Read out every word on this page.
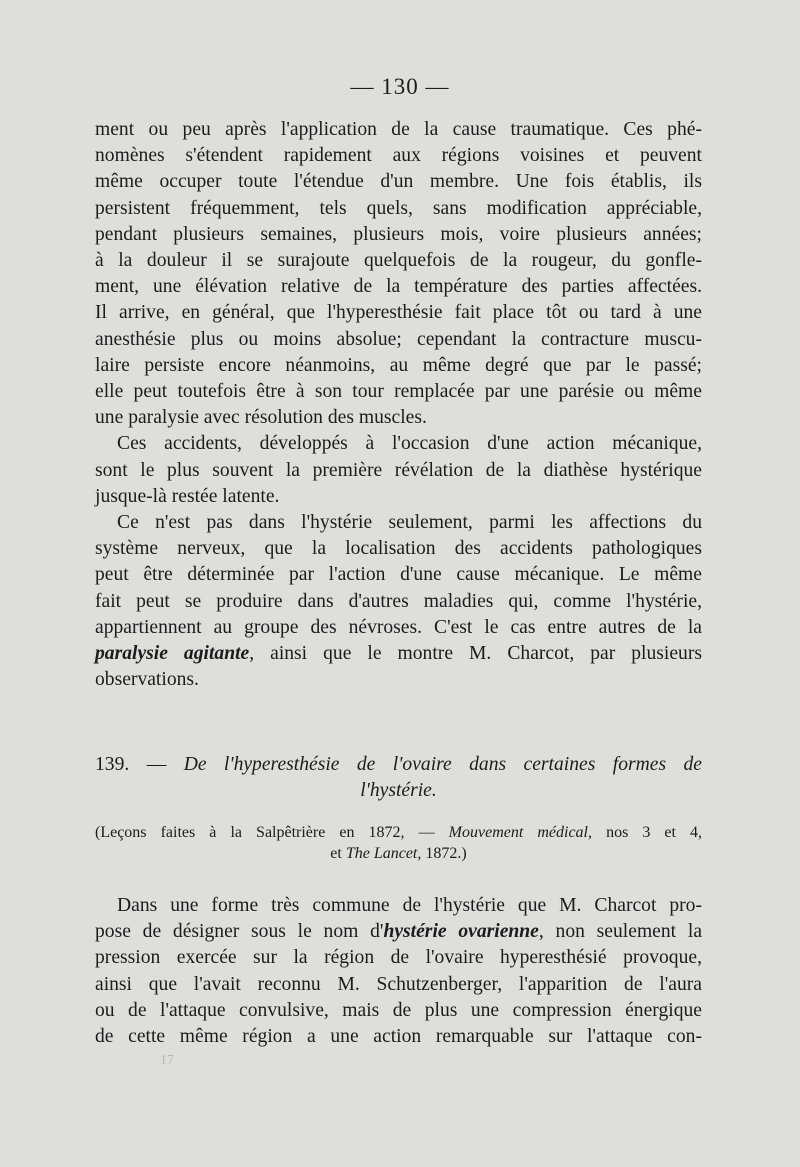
— 130 —

ment ou peu après l'application de la cause traumatique. Ces phé-

nomènes s'étendent rapidement aux régions voisines et peuvent

même occuper toute l'étendue d'un membre. Une fois établis, ils

persistent fréquemment, tels quels, sans modification appréciable,

pendant plusieurs semaines, plusieurs mois, voire plusieurs années;

à la douleur il se surajoute quelquefois de la rougeur, du gonfle-

ment, une élévation relative de la température des parties affectées.

Il arrive, en général, que l'hyperesthésie fait place tôt ou tard à une

anesthésie plus ou moins absolue; cependant la contracture muscu-

laire persiste encore néanmoins, au même degré que par le passé;

elle peut toutefois être à son tour remplacée par une parésie ou même

une paralysie avec résolution des muscles.

Ces accidents, développés à l'occasion d'une action mécanique,

sont le plus souvent la première révélation de la diathèse hystérique

jusque-là restée latente.

Ce n'est pas dans l'hystérie seulement, parmi les affections du

système nerveux, que la localisation des accidents pathologiques

peut être déterminée par l'action d'une cause mécanique. Le même

fait peut se produire dans d'autres maladies qui, comme l'hystérie,

appartiennent au groupe des névroses. C'est le cas entre autres de la

paralysie agitante, ainsi que le montre M. Charcot, par plusieurs

observations.

139. — De l'hyperesthésie de l'ovaire dans certaines formes de
l'hystérie.
(Leçons faites à la Salpêtrière en 1872, — Mouvement médical, nos 3 et 4,
et The Lancet, 1872.)

Dans une forme très commune de l'hystérie que M. Charcot pro-

pose de désigner sous le nom d'hystérie ovarienne, non seulement la

pression exercée sur la région de l'ovaire hyperesthésié provoque,

ainsi que l'avait reconnu M. Schutzenberger, l'apparition de l'aura

ou de l'attaque convulsive, mais de plus une compression énergique

de cette même région a une action remarquable sur l'attaque con-

17
